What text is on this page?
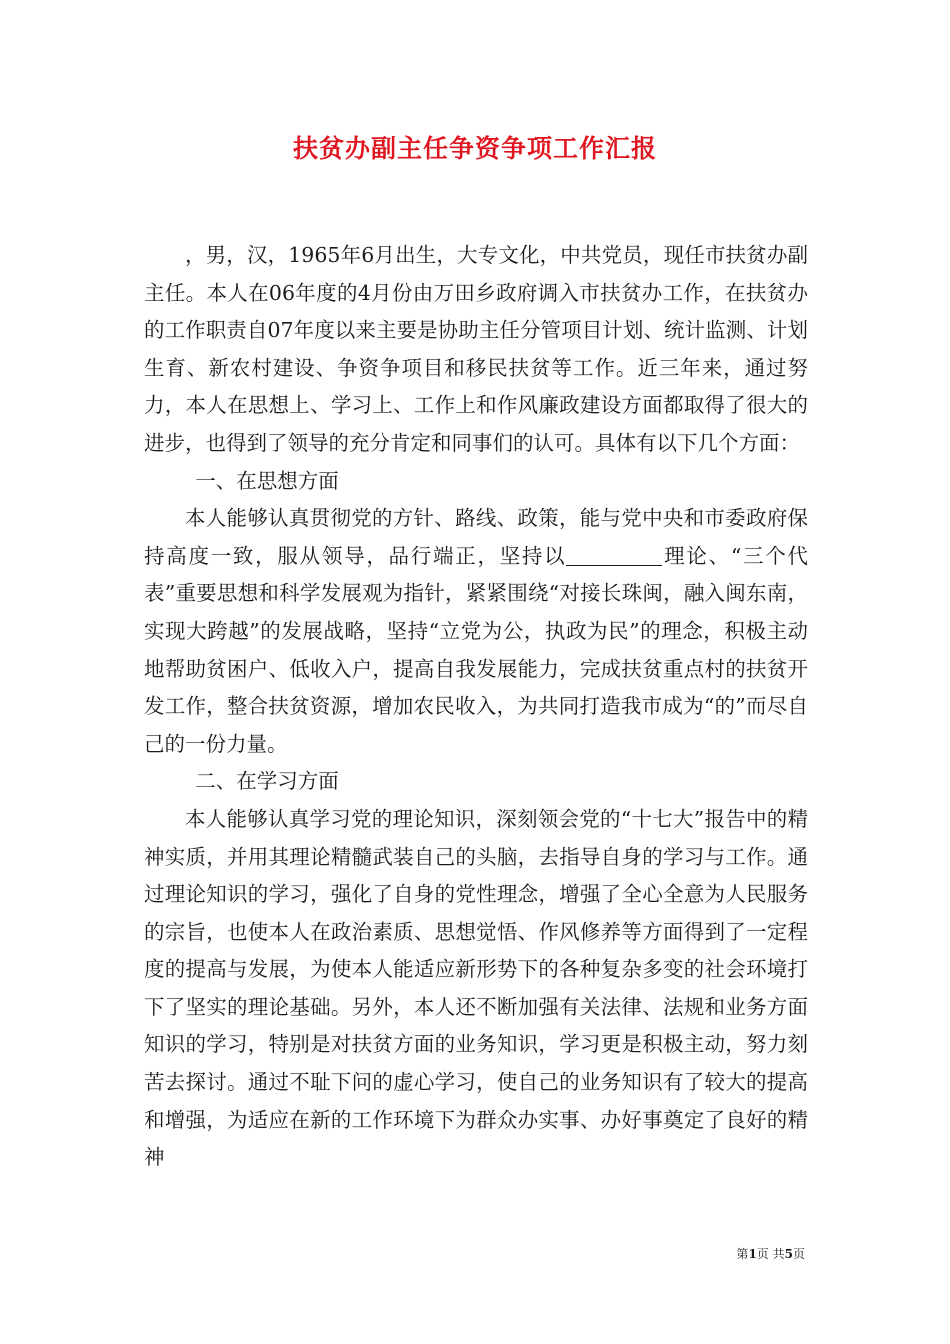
扶贫办副主任争资争项工作汇报

，男，汉，1965年6月出生，大专文化，中共党员，现任市扶贫办副主任。本人在06年度的4月份由万田乡政府调入市扶贫办工作，在扶贫办的工作职责自07年度以来主要是协助主任分管项目计划、统计监测、计划生育、新农村建设、争资争项目和移民扶贫等工作。近三年来，通过努力，本人在思想上、学习上、工作上和作风廉政建设方面都取得了很大的进步，也得到了领导的充分肯定和同事们的认可。具体有以下几个方面：

一、在思想方面

本人能够认真贯彻党的方针、路线、政策，能与党中央和市委政府保持高度一致，服从领导，品行端正，坚持以	理论、“三个代表”重要思想和科学发展观为指针，紧紧围绕“对接长珠闽，融入闽东南，实现大跨越”的发展战略，坚持“立党为公，执政为民”的理念，积极主动地帮助贫困户、低收入户，提高自我发展能力，完成扶贫重点村的扶贫开发工作，整合扶贫资源，增加农民收入，为共同打造我市成为“的”而尽自己的一份力量。

二、在学习方面

本人能够认真学习党的理论知识，深刻领会党的“十七大”报告中的精神实质，并用其理论精髓武装自己的头脑，去指导自身的学习与工作。通过理论知识的学习，强化了自身的党性理念，增强了全心全意为人民服务的宗旨，也使本人在政治素质、思想觉悟、作风修养等方面得到了一定程度的提高与发展，为使本人能适应新形势下的各种复杂多变的社会环境打下了坚实的理论基础。另外，本人还不断加强有关法律、法规和业务方面知识的学习，特别是对扶贫方面的业务知识，学习更是积极主动，努力刻苦去探讨。通过不耻下问的虚心学习，使自己的业务知识有了较大的提高和增强，为适应在新的工作环境下为群众办实事、办好事奠定了良好的精神

第1页 共5页
